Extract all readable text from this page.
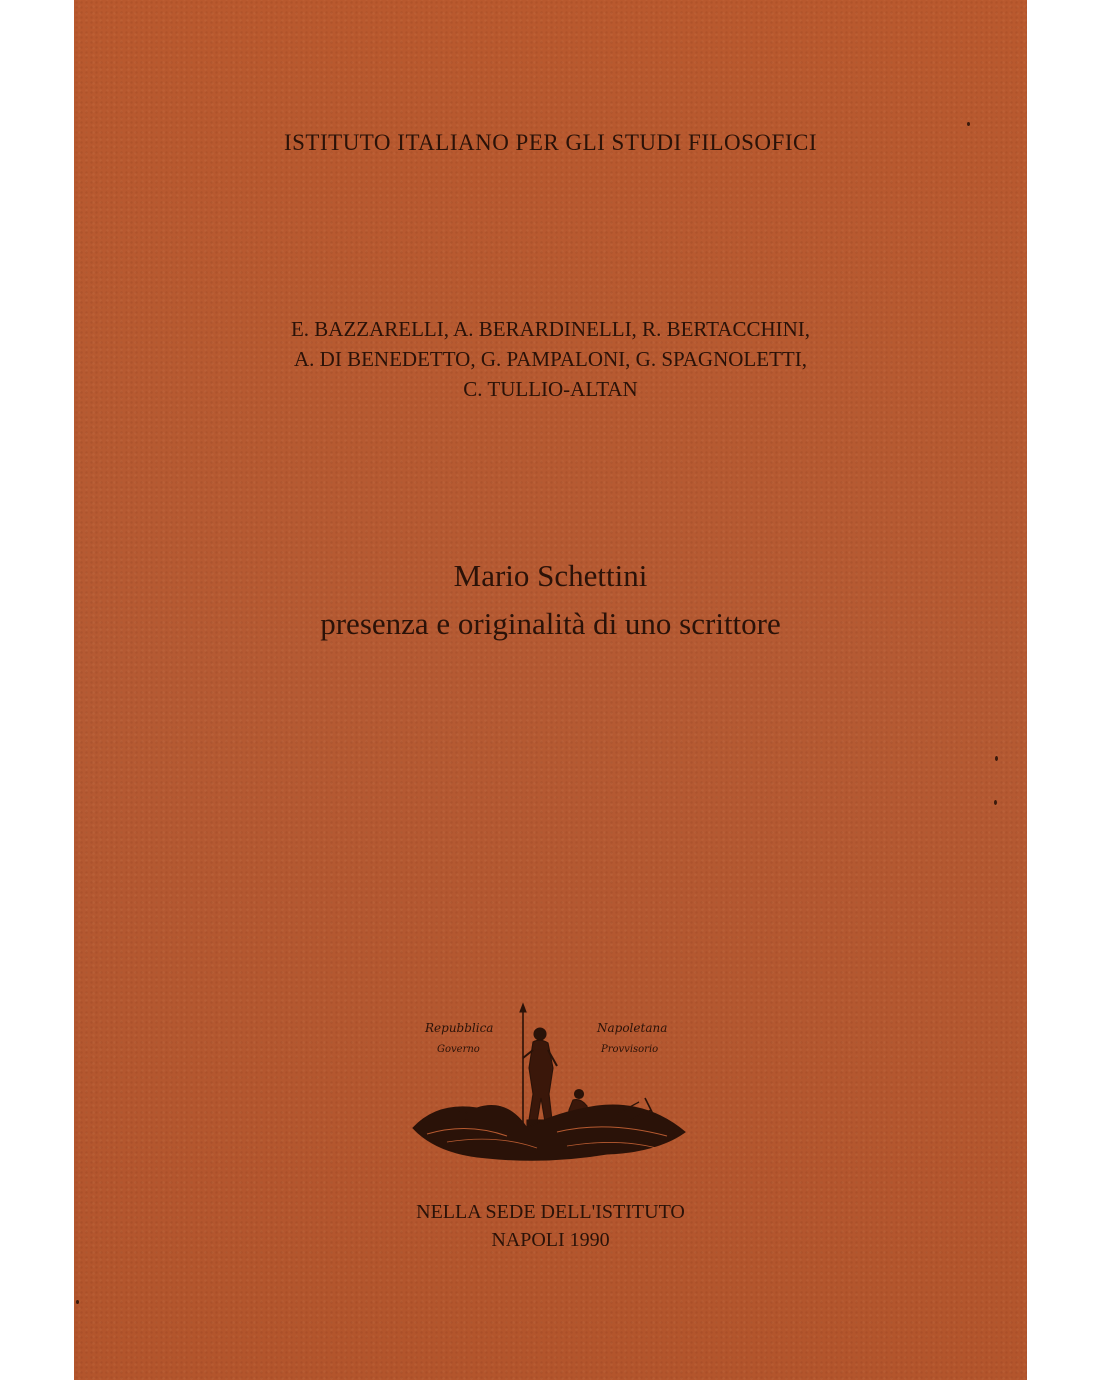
ISTITUTO ITALIANO PER GLI STUDI FILOSOFICI
E. BAZZARELLI, A. BERARDINELLI, R. BERTACCHINI,
A. DI BENEDETTO, G. PAMPALONI, G. SPAGNOLETTI,
C. TULLIO-ALTAN
Mario Schettini
presenza e originalità di uno scrittore
Repubblica
Governo
Napoletana
Provvisorio
NELLA SEDE DELL'ISTITUTO
NAPOLI 1990
